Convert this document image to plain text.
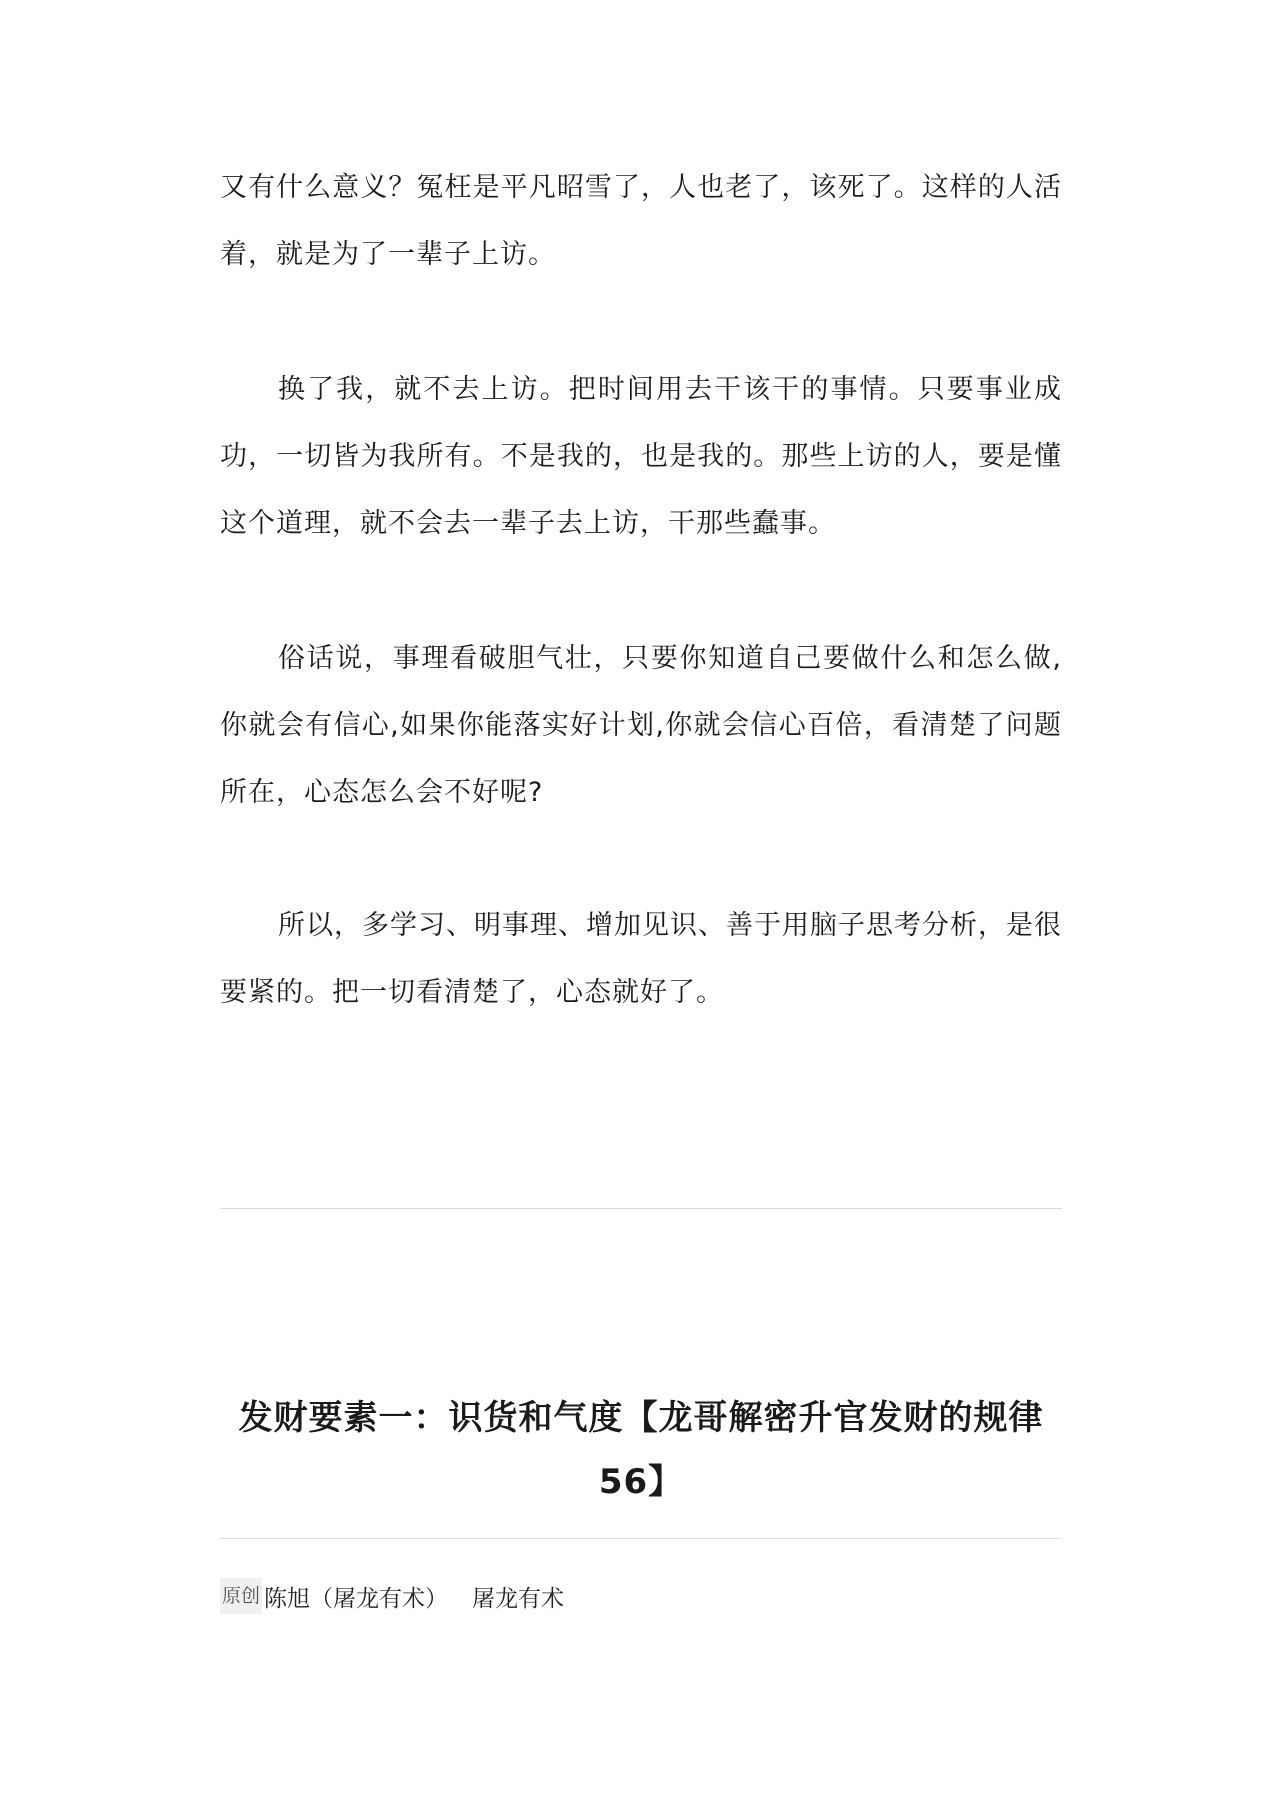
又有什么意义？冤枉是平凡昭雪了，人也老了，该死了。这样的人活着，就是为了一辈子上访。

换了我，就不去上访。把时间用去干该干的事情。只要事业成功，一切皆为我所有。不是我的，也是我的。那些上访的人，要是懂这个道理，就不会去一辈子去上访，干那些蠢事。

俗话说，事理看破胆气壮，只要你知道自己要做什么和怎么做,你就会有信心,如果你能落实好计划,你就会信心百倍，看清楚了问题所在，心态怎么会不好呢?

所以，多学习、明事理、增加见识、善于用脑子思考分析，是很要紧的。把一切看清楚了，心态就好了。

发财要素一：识货和气度【龙哥解密升官发财的规律56】
原创 陈旭（屠龙有术） 屠龙有术
